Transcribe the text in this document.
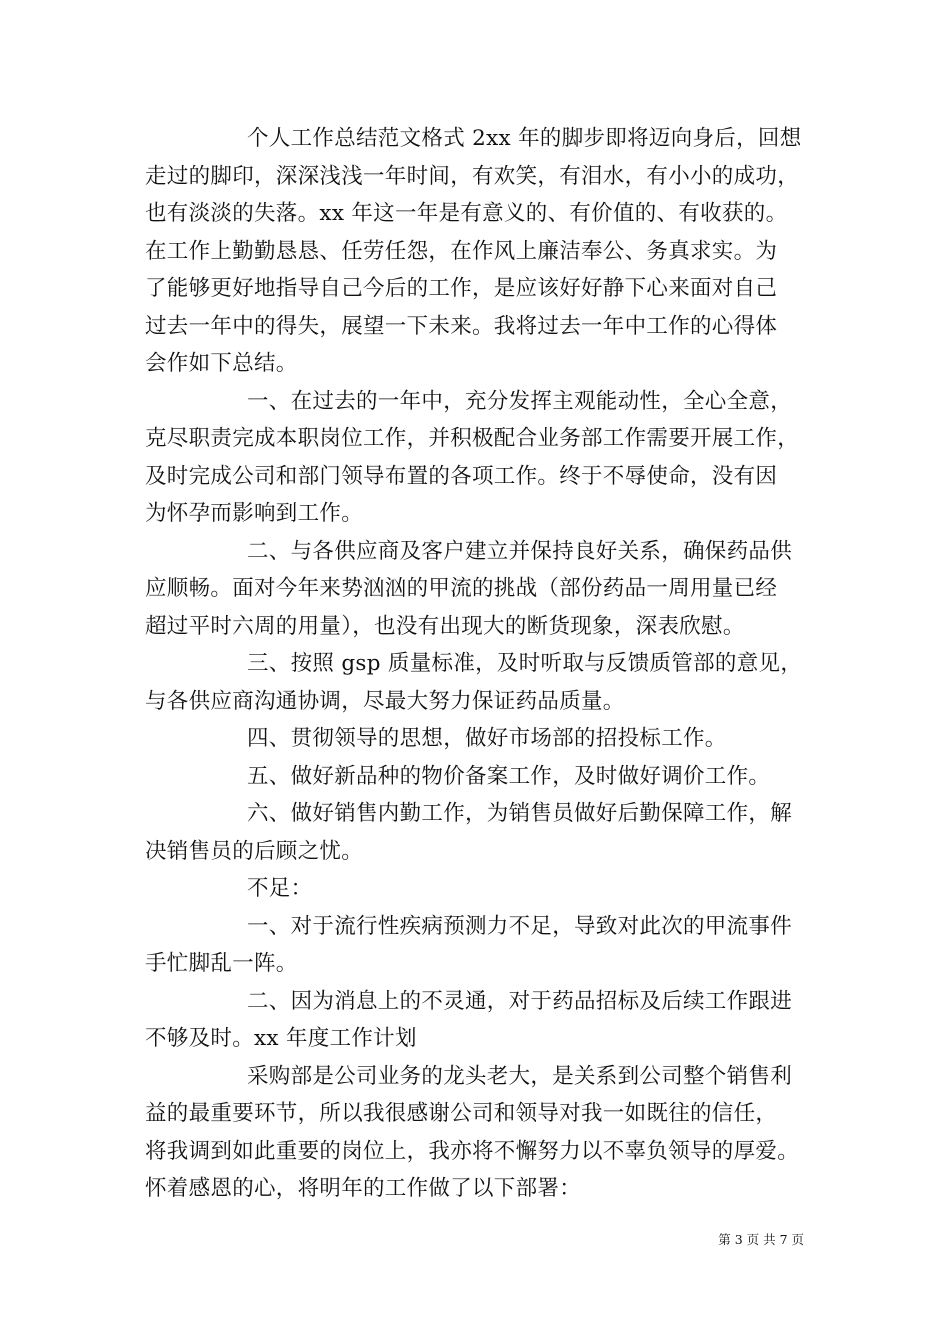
个人工作总结范文格式 2xx 年的脚步即将迈向身后，回想
走过的脚印，深深浅浅一年时间，有欢笑，有泪水，有小小的成功，
也有淡淡的失落。xx 年这一年是有意义的、有价值的、有收获的。
在工作上勤勤恳恳、任劳任怨，在作风上廉洁奉公、务真求实。为
了能够更好地指导自己今后的工作，是应该好好静下心来面对自己
过去一年中的得失，展望一下未来。我将过去一年中工作的心得体
会作如下总结。
一、在过去的一年中，充分发挥主观能动性，全心全意，
克尽职责完成本职岗位工作，并积极配合业务部工作需要开展工作，
及时完成公司和部门领导布置的各项工作。终于不辱使命，没有因
为怀孕而影响到工作。
二、与各供应商及客户建立并保持良好关系，确保药品供
应顺畅。面对今年来势汹汹的甲流的挑战（部份药品一周用量已经
超过平时六周的用量），也没有出现大的断货现象，深表欣慰。
三、按照 gsp 质量标准，及时听取与反馈质管部的意见，
与各供应商沟通协调，尽最大努力保证药品质量。
四、贯彻领导的思想，做好市场部的招投标工作。
五、做好新品种的物价备案工作，及时做好调价工作。
六、做好销售内勤工作，为销售员做好后勤保障工作，解
决销售员的后顾之忧。
不足：
一、对于流行性疾病预测力不足，导致对此次的甲流事件
手忙脚乱一阵。
二、因为消息上的不灵通，对于药品招标及后续工作跟进
不够及时。xx 年度工作计划
采购部是公司业务的龙头老大，是关系到公司整个销售利
益的最重要环节，所以我很感谢公司和领导对我一如既往的信任，
将我调到如此重要的岗位上，我亦将不懈努力以不辜负领导的厚爱。
怀着感恩的心，将明年的工作做了以下部署：
第 3 页 共 7 页
